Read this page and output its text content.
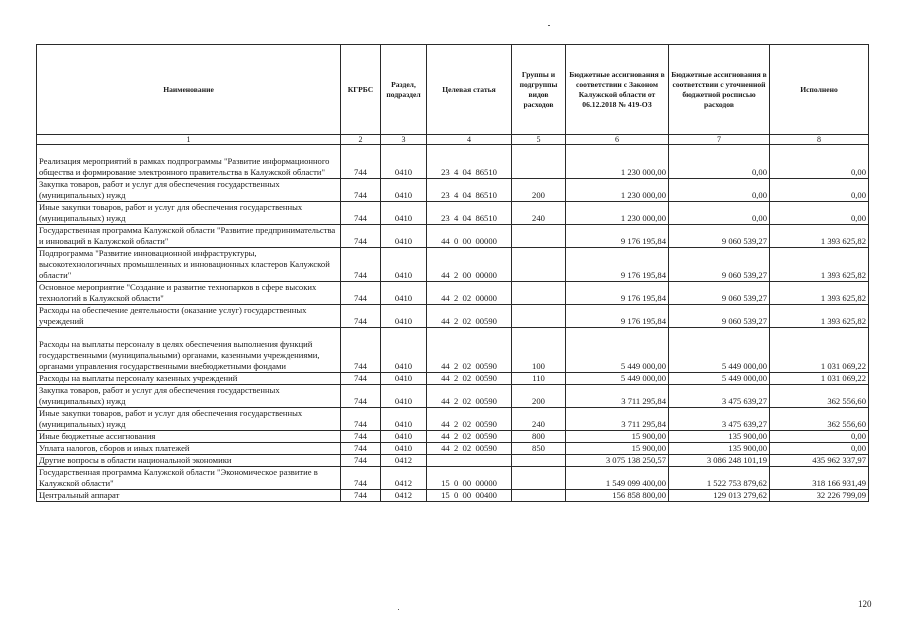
Наименование	КГРБС	Раздел, подраздел	Целевая статья	Группы и подгруппы видов расходов	Бюджетные ассигнования в соответствии с Законом Калужской области от 06.12.2018 № 419-ОЗ	Бюджетные ассигнования в соответствии с уточненной бюджетной росписью расходов	Исполнено
1	2	3	4	5	6	7	8
Реализация мероприятий в рамках подпрограммы "Развитие информационного общества и формирование электронного правительства в Калужской области"	744	0410	23  4  04  86510		1 230 000,00	0,00	0,00
Закупка товаров, работ и услуг для обеспечения государственных (муниципальных) нужд	744	0410	23  4  04  86510	200	1 230 000,00	0,00	0,00
Иные закупки товаров, работ и услуг для обеспечения государственных (муниципальных) нужд	744	0410	23  4  04  86510	240	1 230 000,00	0,00	0,00
Государственная программа Калужской области "Развитие предпринимательства и инноваций в Калужской области"	744	0410	44  0  00  00000		9 176 195,84	9 060 539,27	1 393 625,82
Подпрограмма "Развитие инновационной инфраструктуры, высокотехнологичных промышленных и инновационных кластеров Калужской области"	744	0410	44  2  00  00000		9 176 195,84	9 060 539,27	1 393 625,82
Основное мероприятие "Создание и развитие технопарков в сфере высоких технологий в Калужской области"	744	0410	44  2  02  00000		9 176 195,84	9 060 539,27	1 393 625,82
Расходы на обеспечение деятельности (оказание услуг) государственных учреждений	744	0410	44  2  02  00590		9 176 195,84	9 060 539,27	1 393 625,82
Расходы на выплаты персоналу в целях обеспечения выполнения функций государственными (муниципальными) органами, казенными учреждениями, органами управления государственными внебюджетными фондами	744	0410	44  2  02  00590	100	5 449 000,00	5 449 000,00	1 031 069,22
Расходы на выплаты персоналу казенных учреждений	744	0410	44  2  02  00590	110	5 449 000,00	5 449 000,00	1 031 069,22
Закупка товаров, работ и услуг для обеспечения государственных (муниципальных) нужд	744	0410	44  2  02  00590	200	3 711 295,84	3 475 639,27	362 556,60
Иные закупки товаров, работ и услуг для обеспечения государственных (муниципальных) нужд	744	0410	44  2  02  00590	240	3 711 295,84	3 475 639,27	362 556,60
Иные бюджетные ассигнования	744	0410	44  2  02  00590	800	15 900,00	135 900,00	0,00
Уплата налогов, сборов и иных платежей	744	0410	44  2  02  00590	850	15 900,00	135 900,00	0,00
Другие вопросы в области национальной экономики	744	0412			3 075 138 250,57	3 086 248 101,19	435 962 337,97
Государственная программа Калужской области "Экономическое развитие в Калужской области"	744	0412	15  0  00  00000		1 549 099 400,00	1 522 753 879,62	318 166 931,49
Центральный аппарат	744	0412	15  0  00  00400		156 858 800,00	129 013 279,62	32 226 799,09
120
